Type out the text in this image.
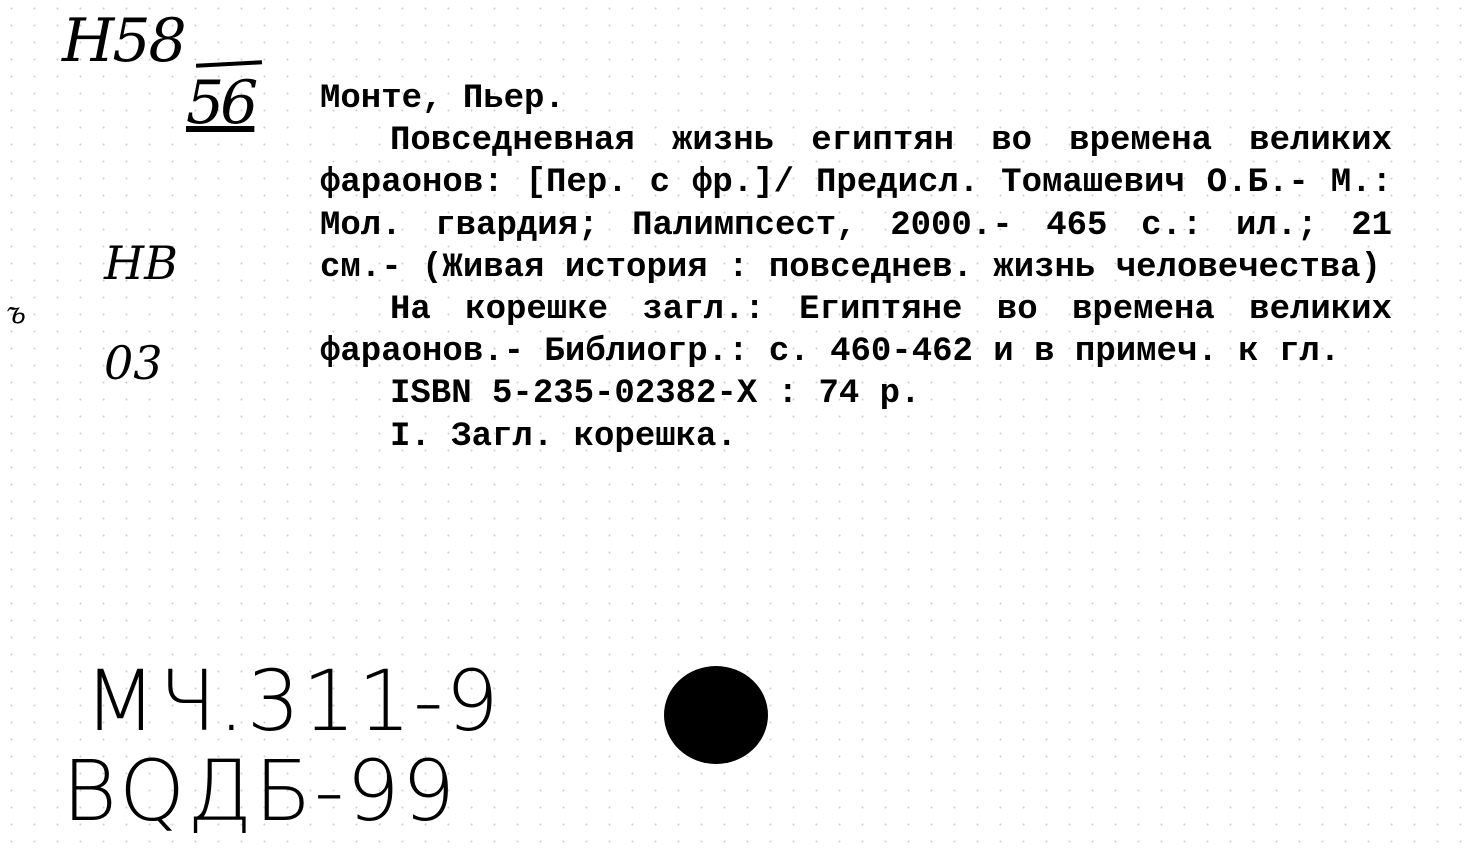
Н58
56
НВ
ъ
03

Монте, Пьер.

Повседневная жизнь египтян во времена великих фараонов: [Пер. с фр.]/ Предисл. Томашевич О.Б.- М.: Мол. гвардия; Палимпсест, 2000.- 465 с.: ил.; 21 см.- (Живая история : повседнев. жизнь человечества)

На корешке загл.: Египтяне во времена великих фараонов.- Библиогр.: с. 460-462 и в примеч. к гл.

ISBN 5-235-02382-X : 74 р.

I. Загл. корешка.

МЧ.311-9
ВQДБ-99
